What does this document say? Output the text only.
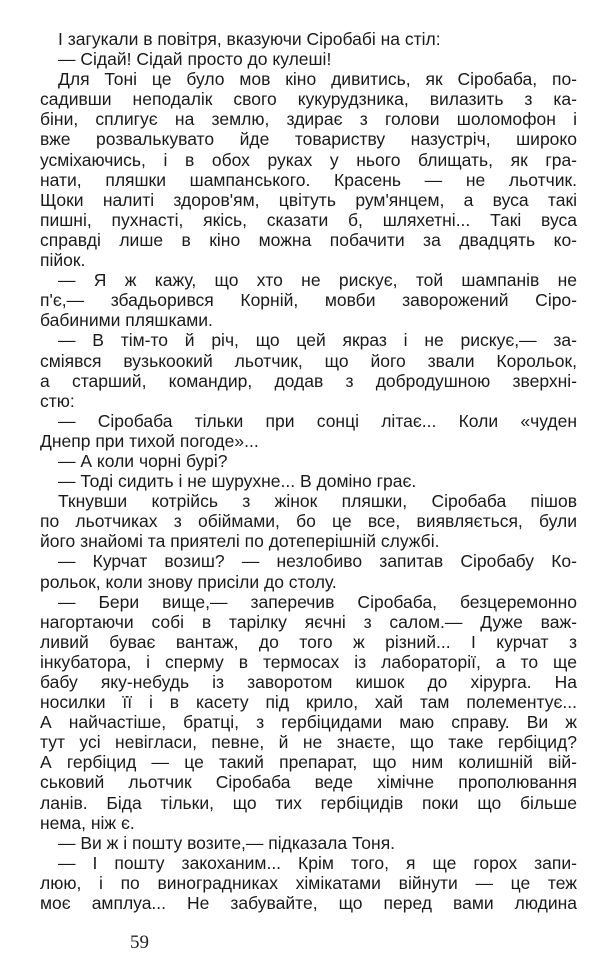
І загукали в повітря, вказуючи Сіробабі на стіл:
— Сідай! Сідай просто до кулеші!
Для Тоні це було мов кіно дивитись, як Сіробаба, по-
садивши неподалік свого кукурудзника, вилазить з ка-
біни, сплигує на землю, здирає з голови шоломофон і
вже розвалькувато йде товариству назустріч, широко
усміхаючись, і в обох руках у нього блищать, як гра-
нати, пляшки шампанського. Красень — не льотчик.
Щоки налиті здоров'ям, цвітуть рум'янцем, а вуса такі
пишні, пухнасті, якісь, сказати б, шляхетні... Такі вуса
справді лише в кіно можна побачити за двадцять ко-
пійок.
— Я ж кажу, що хто не рискує, той шампанів не
п'є,— збадьорився Корній, мовби заворожений Сіро-
бабиними пляшками.
— В тім-то й річ, що цей якраз і не рискує,— за-
сміявся вузькоокий льотчик, що його звали Корольок,
а старший, командир, додав з добродушною зверхні-
стю:
— Сіробаба тільки при сонці літає... Коли «чуден
Днепр при тихой погоде»...
— А коли чорні бурі?
— Тоді сидить і не шурухне... В доміно грає.
Ткнувши котрійсь з жінок пляшки, Сіробаба пішов
по льотчиках з обіймами, бо це все, виявляється, були
його знайомі та приятелі по дотеперішній службі.
— Курчат возиш? — незлобиво запитав Сіробабу Ко-
рольок, коли знову присіли до столу.
— Бери вище,— заперечив Сіробаба, безцеремонно
нагортаючи собі в тарілку яєчні з салом.— Дуже важ-
ливий буває вантаж, до того ж різний... І курчат з
інкубатора, і сперму в термосах із лабораторії, а то ще
бабу яку-небудь із заворотом кишок до хірурга. На
носилки її і в касету під крило, хай там полементує...
А найчастіше, братці, з гербіцидами маю справу. Ви ж
тут усі невігласи, певне, й не знаєте, що таке гербіцид?
А гербіцид — це такий препарат, що ним колишній вій-
ськовий льотчик Сіробаба веде хімічне прополювання
ланів. Біда тільки, що тих гербіцидів поки що більше
нема, ніж є.
— Ви ж і пошту возите,— підказала Тоня.
— І пошту закоханим... Крім того, я ще горох запи-
люю, і по виноградниках хімікатами війнути — це теж
моє амплуа... Не забувайте, що перед вами людина
59
